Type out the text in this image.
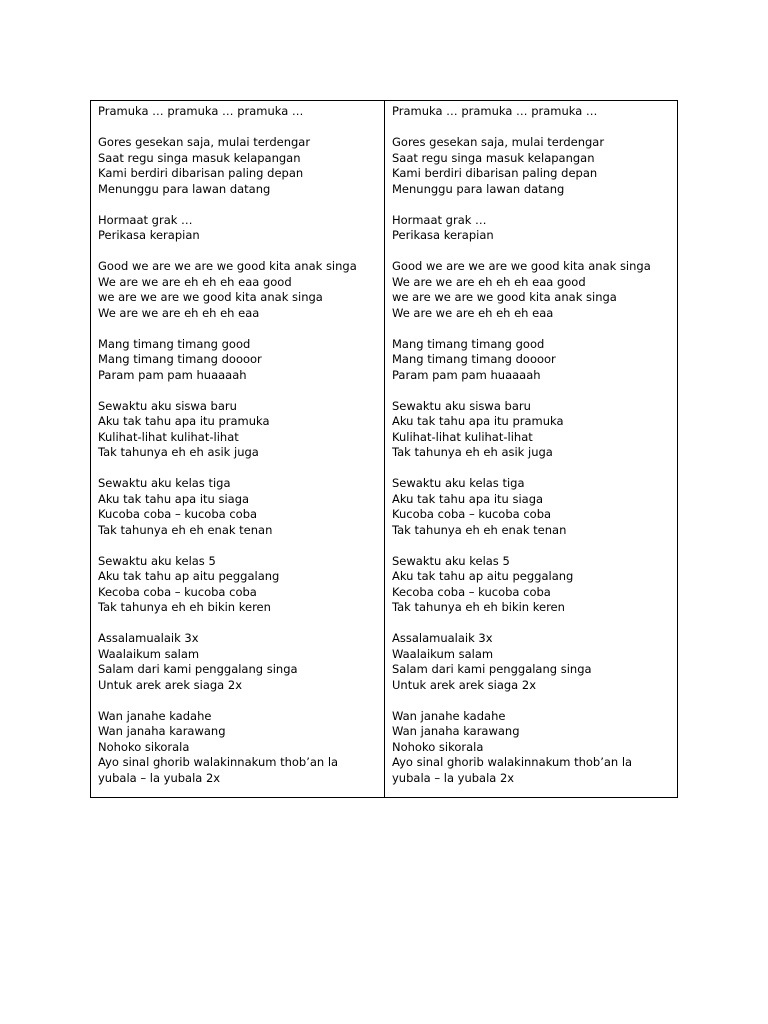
Pramuka … pramuka … pramuka …
Gores gesekan saja, mulai terdengar
Saat regu singa masuk kelapangan
Kami berdiri dibarisan paling depan
Menunggu para lawan datang
Hormaat grak …
Perikasa kerapian
Good we are we are we good kita anak singa
We are we are eh eh eh eaa good
we are we are we good kita anak singa
We are we are eh eh eh eaa
Mang timang timang good
Mang timang timang doooor
Param pam pam huaaaah
Sewaktu aku siswa baru
Aku tak tahu apa itu pramuka
Kulihat-lihat kulihat-lihat
Tak tahunya eh eh asik juga
Sewaktu aku kelas tiga
Aku tak tahu apa itu siaga
Kucoba coba – kucoba coba
Tak tahunya eh eh enak tenan
Sewaktu aku kelas 5
Aku tak tahu ap aitu peggalang
Kecoba coba – kucoba coba
Tak tahunya eh eh bikin keren
Assalamualaik 3x
Waalaikum salam
Salam dari kami penggalang singa
Untuk arek arek siaga 2x
Wan janahe kadahe
Wan janaha karawang
Nohoko sikorala
Ayo sinal ghorib walakinnakum thob’an la
yubala – la yubala 2x
Pramuka … pramuka … pramuka …
Gores gesekan saja, mulai terdengar
Saat regu singa masuk kelapangan
Kami berdiri dibarisan paling depan
Menunggu para lawan datang
Hormaat grak …
Perikasa kerapian
Good we are we are we good kita anak singa
We are we are eh eh eh eaa good
we are we are we good kita anak singa
We are we are eh eh eh eaa
Mang timang timang good
Mang timang timang doooor
Param pam pam huaaaah
Sewaktu aku siswa baru
Aku tak tahu apa itu pramuka
Kulihat-lihat kulihat-lihat
Tak tahunya eh eh asik juga
Sewaktu aku kelas tiga
Aku tak tahu apa itu siaga
Kucoba coba – kucoba coba
Tak tahunya eh eh enak tenan
Sewaktu aku kelas 5
Aku tak tahu ap aitu peggalang
Kecoba coba – kucoba coba
Tak tahunya eh eh bikin keren
Assalamualaik 3x
Waalaikum salam
Salam dari kami penggalang singa
Untuk arek arek siaga 2x
Wan janahe kadahe
Wan janaha karawang
Nohoko sikorala
Ayo sinal ghorib walakinnakum thob’an la
yubala – la yubala 2x
